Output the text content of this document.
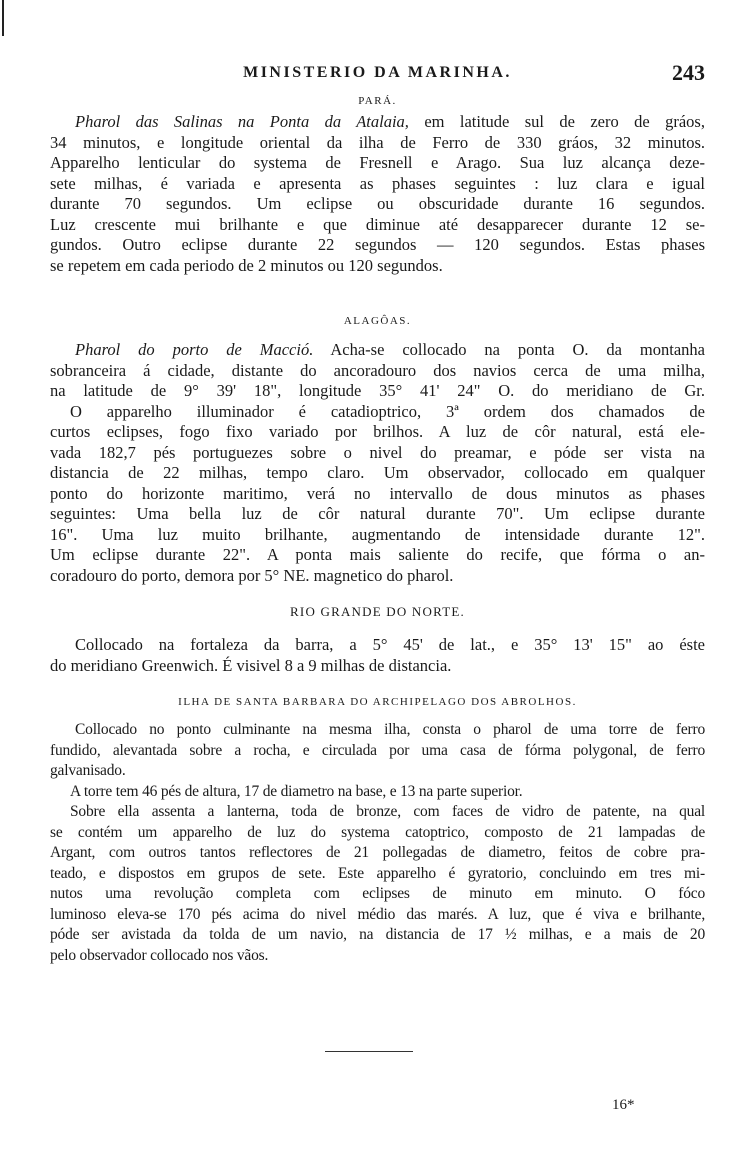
MINISTERIO DA MARINHA.	243
PARÁ.
Pharol das Salinas na Ponta da Atalaia, em latitude sul de zero de gráos,
34 minutos, e longitude oriental da ilha de Ferro de 330 gráos, 32 minutos.
Apparelho lenticular do systema de Fresnell e Arago. Sua luz alcança deze-
sete milhas, é variada e apresenta as phases seguintes : luz clara e igual
durante 70 segundos. Um eclipse ou obscuridade durante 16 segundos.
Luz crescente mui brilhante e que diminue até desapparecer durante 12 se-
gundos. Outro eclipse durante 22 segundos — 120 segundos. Estas phases
se repetem em cada periodo de 2 minutos ou 120 segundos.
ALAGÔAS.
Pharol do porto de Macció. Acha-se collocado na ponta O. da montanha
sobranceira á cidade, distante do ancoradouro dos navios cerca de uma milha,
na latitude de 9° 39' 18", longitude 35° 41' 24" O. do meridiano de Gr.
O apparelho illuminador é catadioptrico, 3ª ordem dos chamados de
curtos eclipses, fogo fixo variado por brilhos. A luz de côr natural, está ele-
vada 182,7 pés portuguezes sobre o nivel do preamar, e póde ser vista na
distancia de 22 milhas, tempo claro. Um observador, collocado em qualquer
ponto do horizonte maritimo, verá no intervallo de dous minutos as phases
seguintes: Uma bella luz de côr natural durante 70". Um eclipse durante
16". Uma luz muito brilhante, augmentando de intensidade durante 12".
Um eclipse durante 22". A ponta mais saliente do recife, que fórma o an-
coradouro do porto, demora por 5° NE. magnetico do pharol.
RIO GRANDE DO NORTE.
Collocado na fortaleza da barra, a 5° 45' de lat., e 35° 13' 15" ao éste
do meridiano Greenwich. É visivel 8 a 9 milhas de distancia.
ILHA DE SANTA BARBARA DO ARCHIPELAGO DOS ABROLHOS.
Collocado no ponto culminante na mesma ilha, consta o pharol de uma torre de ferro
fundido, alevantada sobre a rocha, e circulada por uma casa de fórma polygonal, de ferro
galvanisado.
A torre tem 46 pés de altura, 17 de diametro na base, e 13 na parte superior.
Sobre ella assenta a lanterna, toda de bronze, com faces de vidro de patente, na qual
se contém um apparelho de luz do systema catoptrico, composto de 21 lampadas de
Argant, com outros tantos reflectores de 21 pollegadas de diametro, feitos de cobre pra-
teado, e dispostos em grupos de sete. Este apparelho é gyratorio, concluindo em tres mi-
nutos uma revolução completa com eclipses de minuto em minuto. O fóco
luminoso eleva-se 170 pés acima do nivel médio das marés. A luz, que é viva e brilhante,
póde ser avistada da tolda de um navio, na distancia de 17 ½ milhas, e a mais de 20
pelo observador collocado nos vãos.
16*
